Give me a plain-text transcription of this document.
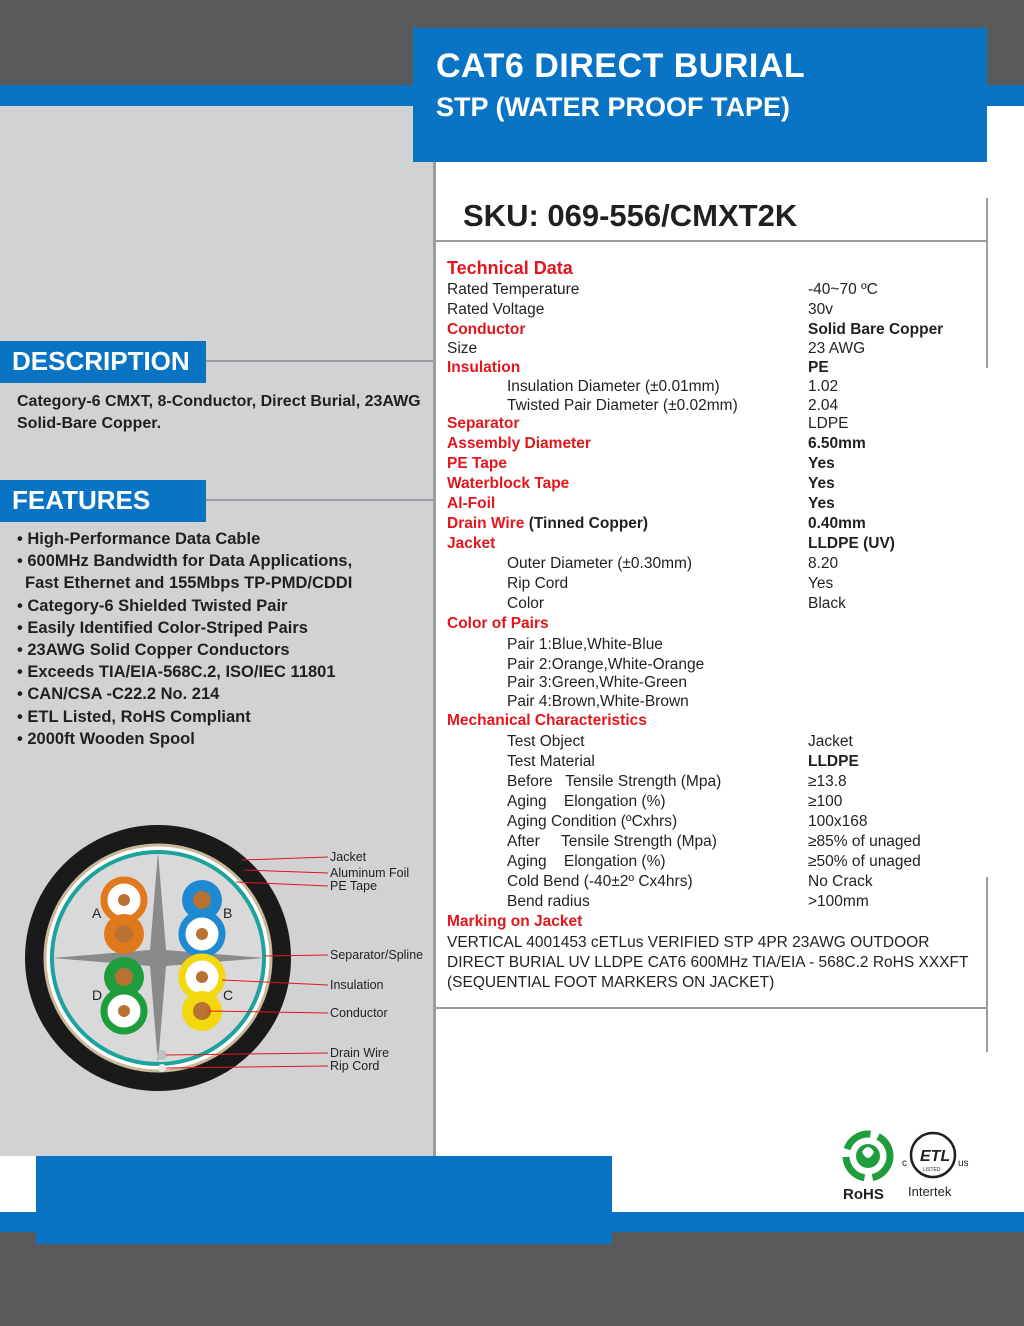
CAT6 DIRECT BURIAL
STP (WATER PROOF TAPE)
SKU: 069-556/CMXT2K
DESCRIPTION
Category-6 CMXT, 8-Conductor, Direct Burial, 23AWG Solid-Bare Copper.
FEATURES
• High-Performance Data Cable
• 600MHz Bandwidth for Data Applications,
Fast Ethernet and 155Mbps TP-PMD/CDDI
• Category-6 Shielded Twisted Pair
• Easily Identified Color-Striped Pairs
• 23AWG Solid Copper Conductors
• Exceeds TIA/EIA-568C.2, ISO/IEC 11801
• CAN/CSA -C22.2 No. 214
• ETL Listed, RoHS Compliant
• 2000ft Wooden Spool
Technical Data
Rated Temperature	-40~70 ºC
Rated Voltage	30v
Conductor	Solid Bare Copper
Size	23 AWG
Insulation	PE
Insulation Diameter (±0.01mm)	1.02
Twisted Pair Diameter (±0.02mm)	2.04
Separator	LDPE
Assembly Diameter	6.50mm
PE Tape	Yes
Waterblock Tape	Yes
Al-Foil	Yes
Drain Wire (Tinned Copper)	0.40mm
Jacket	LLDPE (UV)
Outer Diameter (±0.30mm)	8.20
Rip Cord	Yes
Color	Black
Color of Pairs
Pair 1:Blue,White-Blue
Pair 2:Orange,White-Orange
Pair 3:Green,White-Green
Pair 4:Brown,White-Brown
Mechanical Characteristics
Test Object	Jacket
Test Material	LLDPE
Before   Tensile Strength (Mpa)	≥13.8
Aging    Elongation (%)	≥100
Aging Condition (ºCxhrs)	100x168
After     Tensile Strength (Mpa)	≥85% of unaged
Aging    Elongation (%)	≥50% of unaged
Cold Bend (-40±2º Cx4hrs)	No Crack
Bend radius	>100mm
Marking on Jacket
VERTICAL 4001453 cETLus VERIFIED STP 4PR 23AWG OUTDOOR DIRECT BURIAL UV LLDPE CAT6 600MHz TIA/EIA - 568C.2 RoHS XXXFT (SEQUENTIAL FOOT MARKERS ON JACKET)
A	B
C
D
Jacket
Aluminum Foil
PE Tape
Separator/Spline
Insulation
Conductor
Drain Wire
Rip Cord
RoHS
ETL
LISTED
c	us
Intertek
